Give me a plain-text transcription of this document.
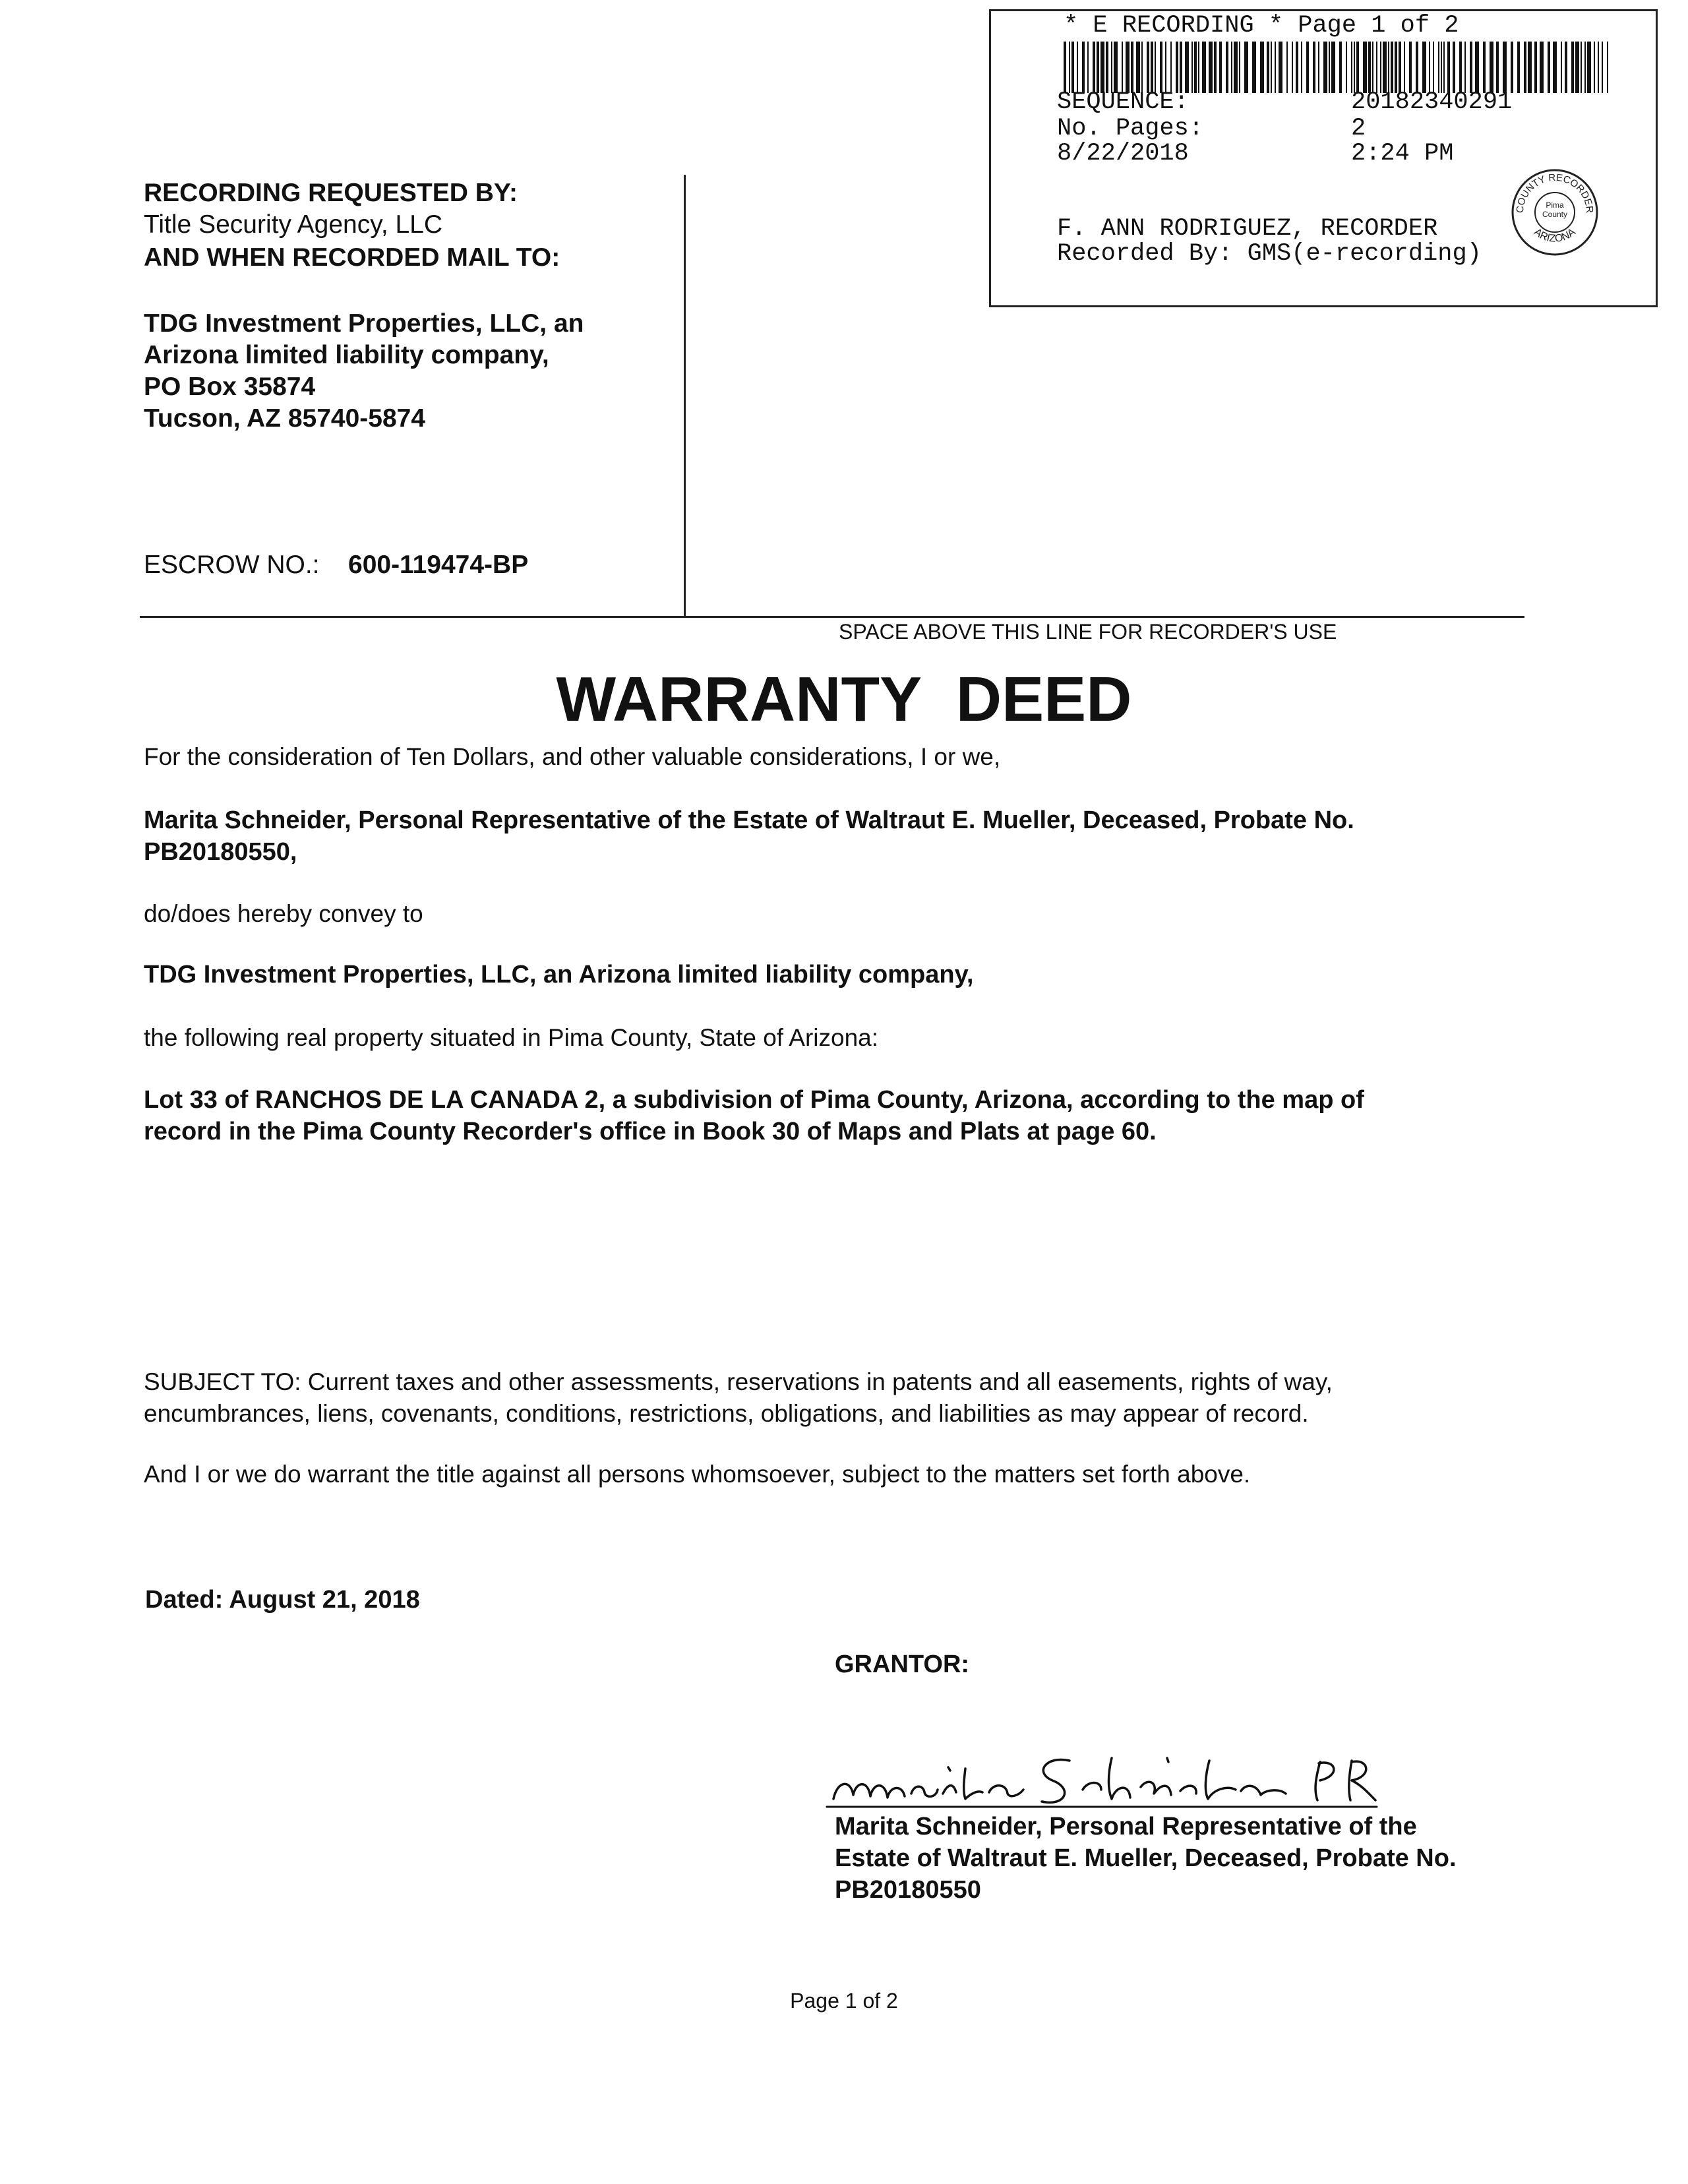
* E RECORDING * Page 1 of 2
SEQUENCE:	20182340291
No. Pages:	2
8/22/2018	2:24 PM
F. ANN RODRIGUEZ, RECORDER
Recorded By: GMS(e-recording)
COUNTY RECORDER
ARIZONA
Pima County
RECORDING REQUESTED BY:
Title Security Agency, LLC
AND WHEN RECORDED MAIL TO:
TDG Investment Properties, LLC, an
Arizona limited liability company,
PO Box 35874
Tucson, AZ 85740-5874
ESCROW NO.: 600-119474-BP
SPACE ABOVE THIS LINE FOR RECORDER'S USE
WARRANTY  DEED
For the consideration of Ten Dollars, and other valuable considerations, I or we,
Marita Schneider, Personal Representative of the Estate of Waltraut E. Mueller, Deceased, Probate No.
PB20180550,
do/does hereby convey to
TDG Investment Properties, LLC, an Arizona limited liability company,
the following real property situated in Pima County, State of Arizona:
Lot 33 of RANCHOS DE LA CANADA 2, a subdivision of Pima County, Arizona, according to the map of
record in the Pima County Recorder's office in Book 30 of Maps and Plats at page 60.
SUBJECT TO: Current taxes and other assessments, reservations in patents and all easements, rights of way,
encumbrances, liens, covenants, conditions, restrictions, obligations, and liabilities as may appear of record.
And I or we do warrant the title against all persons whomsoever, subject to the matters set forth above.
Dated: August 21, 2018
GRANTOR:
Marita Schneider, Personal Representative of the
Estate of Waltraut E. Mueller, Deceased, Probate No.
PB20180550
Page 1 of 2
